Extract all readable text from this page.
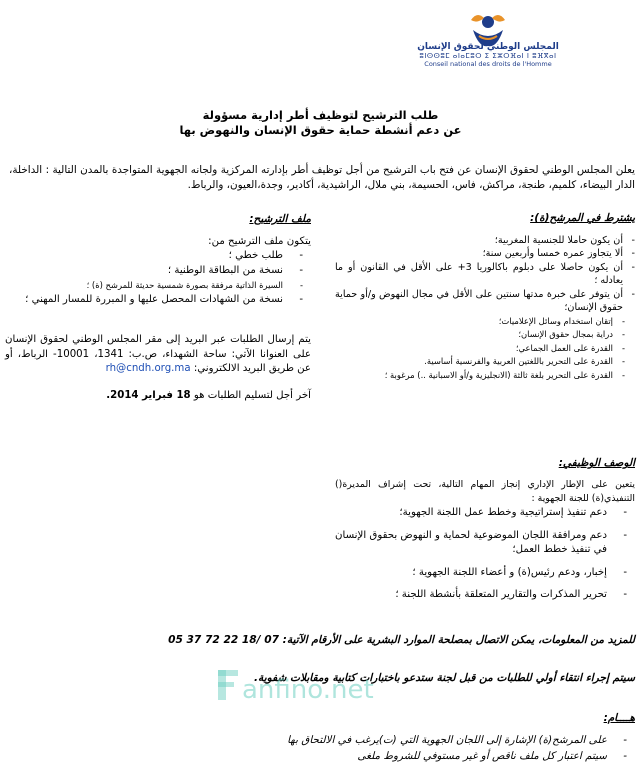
المجلس الوطني لحقوق الإنسان
ⵓⵏⵙⵙⵓⵎ ⴰⵏⴰⵎⵓⵔ ⵉ ⵉⵣⵔⴼⴰⵏ ⵏ ⵓⴼⴳⴰⵏ
Conseil national des droits de l'Homme
طلب الترشيح لتوظيف أطر إدارية مسؤولة
عن دعم أنشطة حماية حقوق الإنسان والنهوض بها
يعلن المجلس الوطني لحقوق الإنسان عن فتح باب الترشيح من أجل توظيف أطر بإدارته المركزية ولجانه الجهوية المتواجدة بالمدن التالية : الداخلة، الدار البيضاء، كلميم، طنجة، مراكش، فاس، الحسيمة، بني ملال، الراشيدية، أكادير، وجدة،العيون، والرباط.
يشترط في المرشح(ة):
- أن يكون حاملا للجنسية المغربية؛
- ألا يتجاوز عمره خمسا وأربعين سنة؛
- أن يكون حاصلا على دبلوم باكالوريا 3+ على الأقل في القانون أو ما يعادله ؛
- أن يتوفر على خبرة مدتها سنتين على الأقل في مجال النهوض و/أو حماية حقوق الإنسان؛
- إتقان استخدام وسائل الإعلاميات؛
- دراية بمجال حقوق الإنسان؛
- القدرة على العمل الجماعي؛
- القدرة على التحرير باللغتين العربية والفرنسية أساسية.
- القدرة على التحرير بلغة ثالثة (الانجليزية و/أو الاسبانية ..) مرغوبة ؛
ملف الترشيح:
يتكون ملف الترشيح من:
- طلب خطي ؛
- نسخة من البطاقة الوطنية ؛
- السيرة الذاتية مرفقة بصورة شمسية حديثة للمرشح (ة) ؛
- نسخة من الشهادات المحصل عليها و المبررة للمسار المهني ؛
يتم إرسال الطلبات عبر البريد إلى مقر المجلس الوطني لحقوق الإنسان على العنوانا الآتي: ساحة الشهداء، ص.ب: 1341، 10001- الرباط، أو عن طريق البريد الالكتروني: rh@cndh.org.ma
آخر أجل لتسليم الطلبات هو 18 فبراير 2014.
الوصف الوظيفي:
يتعين على الإطار الإداري إنجاز المهام التالية، تحت إشراف المديرة() التنفيذي(ة) للجنة الجهوية :
- دعم تنفيذ إستراتيجية وخطط عمل اللجنة الجهوية؛
- دعم ومرافقة اللجان الموضوعية لحماية و النهوض بحقوق الإنسان في تنفيذ خطط العمل؛
- إخبار، ودعم رئيس(ة) و أعضاء اللجنة الجهوية ؛
- تحرير المذكرات والتقارير المتعلقة بأنشطة اللجنة ؛
للمزيد من المعلومات، يمكن الاتصال بمصلحة الموارد البشرية على الأرقام الآتية: 07 /18 22 72 37 05
سيتم إجراء انتقاء أولي للطلبات من قبل لجنة ستدعو باختبارات كتابية ومقابلات شفوية.
anfino.net
هــــام:
- على المرشح(ة) الإشارة إلى اللجان الجهوية التي (ت)يرغب في الالتحاق بها
- سيتم اعتبار كل ملف ناقص أو غير مستوفي للشروط ملغى
